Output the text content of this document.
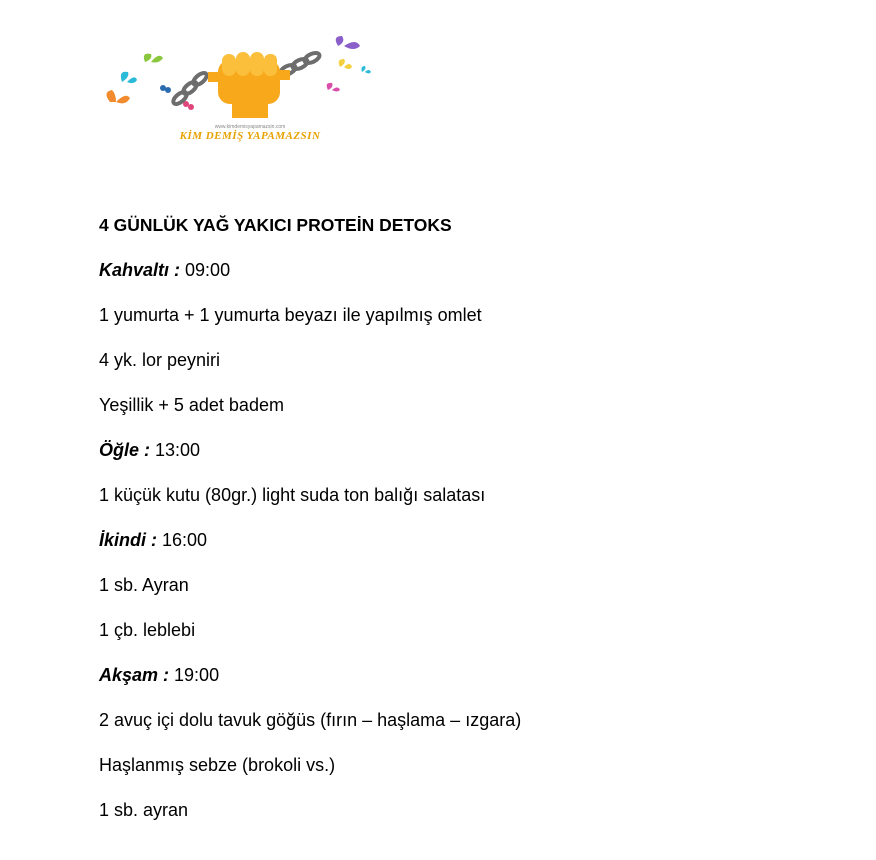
www.kimdemisyapamazsin.com
KİM DEMİŞ YAPAMAZSIN
4 GÜNLÜK YAĞ YAKICI PROTEİN DETOKS
Kahvaltı : 09:00
1 yumurta + 1 yumurta beyazı ile yapılmış omlet
4 yk. lor peyniri
Yeşillik + 5 adet badem
Öğle : 13:00
1 küçük kutu (80gr.) light suda ton balığı salatası
İkindi : 16:00
1 sb. Ayran
1 çb. leblebi
Akşam : 19:00
2 avuç içi dolu tavuk göğüs (fırın – haşlama – ızgara)
Haşlanmış sebze (brokoli vs.)
1 sb. ayran
